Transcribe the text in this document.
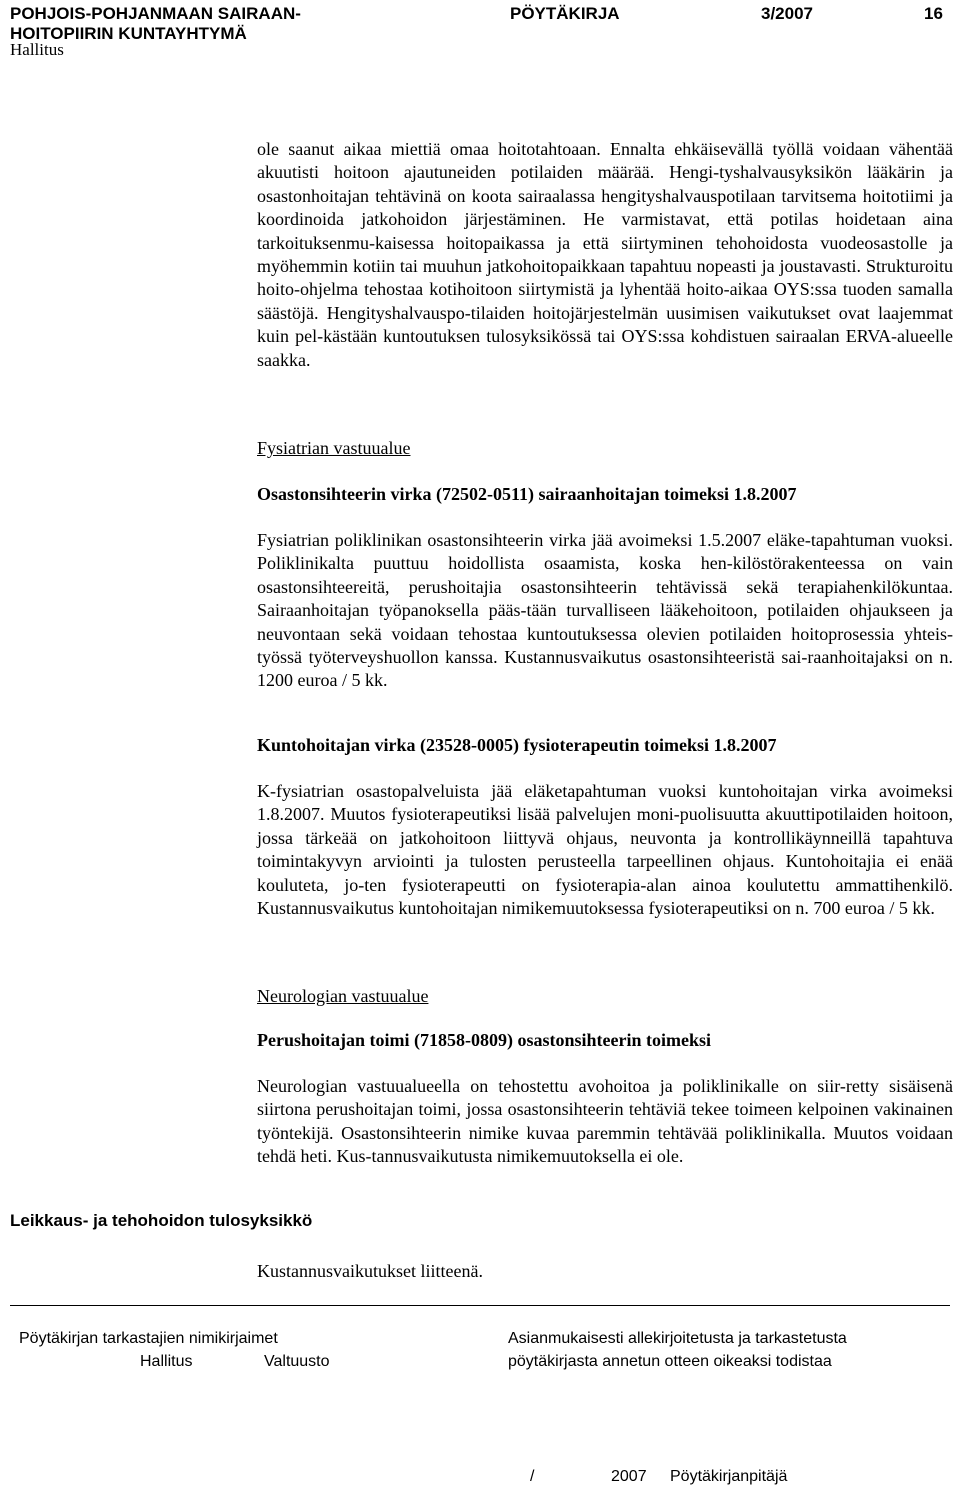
POHJOIS-POHJANMAAN SAIRAAN-
HOITOPIIRIN KUNTAYHTYMÄ
PÖYTÄKIRJA	3/2007	16
Hallitus

ole saanut aikaa miettiä omaa hoitotahtoaan. Ennalta ehkäisevällä työllä voidaan vähentää akuutisti hoitoon ajautuneiden potilaiden määrää. Hengi-tyshalvausyksikön lääkärin ja osastonhoitajan tehtävinä on koota sairaalassa hengityshalvauspotilaan tarvitsema hoitotiimi ja koordinoida jatkohoidon järjestäminen. He varmistavat, että potilas hoidetaan aina tarkoituksenmu-kaisessa hoitopaikassa ja että siirtyminen tehohoidosta vuodeosastolle ja myöhemmin kotiin tai muuhun jatkohoitopaikkaan tapahtuu nopeasti ja joustavasti. Strukturoitu hoito-ohjelma tehostaa kotihoitoon siirtymistä ja lyhentää hoito-aikaa OYS:ssa tuoden samalla säästöjä. Hengityshalvauspo-tilaiden hoitojärjestelmän uusimisen vaikutukset ovat laajemmat kuin pel-kästään kuntoutuksen tulosyksikössä tai OYS:ssa kohdistuen sairaalan ERVA-alueelle saakka.

Fysiatrian vastuualue

Osastonsihteerin virka (72502-0511) sairaanhoitajan toimeksi 1.8.2007

Fysiatrian poliklinikan osastonsihteerin virka jää avoimeksi 1.5.2007 eläke-tapahtuman vuoksi. Poliklinikalta puuttuu hoidollista osaamista, koska hen-kilöstörakenteessa on vain osastonsihteereitä, perushoitajia osastonsihteerin tehtävissä sekä terapiahenkilökuntaa. Sairaanhoitajan työpanoksella pääs-tään turvalliseen lääkehoitoon, potilaiden ohjaukseen ja neuvontaan sekä voidaan tehostaa kuntoutuksessa olevien potilaiden hoitoprosessia yhteis-työssä työterveyshuollon kanssa. Kustannusvaikutus osastonsihteeristä sai-raanhoitajaksi on n. 1200 euroa / 5 kk.

Kuntohoitajan virka (23528-0005) fysioterapeutin toimeksi 1.8.2007

K-fysiatrian osastopalveluista jää eläketapahtuman vuoksi kuntohoitajan virka avoimeksi 1.8.2007. Muutos fysioterapeutiksi lisää palvelujen moni-puolisuutta akuuttipotilaiden hoitoon, jossa tärkeää on jatkohoitoon liittyvä ohjaus, neuvonta ja kontrollikäynneillä tapahtuva toimintakyvyn arviointi ja tulosten perusteella tarpeellinen ohjaus. Kuntohoitajia ei enää kouluteta, jo-ten fysioterapeutti on fysioterapia-alan ainoa koulutettu ammattihenkilö. Kustannusvaikutus kuntohoitajan nimikemuutoksessa fysioterapeutiksi on n. 700 euroa / 5 kk.

Neurologian vastuualue

Perushoitajan toimi (71858-0809) osastonsihteerin toimeksi

Neurologian vastuualueella on tehostettu avohoitoa ja poliklinikalle on siir-retty sisäisenä siirtona perushoitajan toimi, jossa osastonsihteerin tehtäviä tekee toimeen kelpoinen vakinainen työntekijä. Osastonsihteerin nimike kuvaa paremmin tehtävää poliklinikalla. Muutos voidaan tehdä heti. Kus-tannusvaikutusta nimikemuutoksella ei ole.

Leikkaus- ja tehohoidon tulosyksikkö

Kustannusvaikutukset liitteenä.

Pöytäkirjan tarkastajien nimikirjaimet
Hallitus	Valtuusto
Asianmukaisesti allekirjoitetusta ja tarkastetusta
pöytäkirjasta annetun otteen oikeaksi todistaa
/	2007 Pöytäkirjanpitäjä
